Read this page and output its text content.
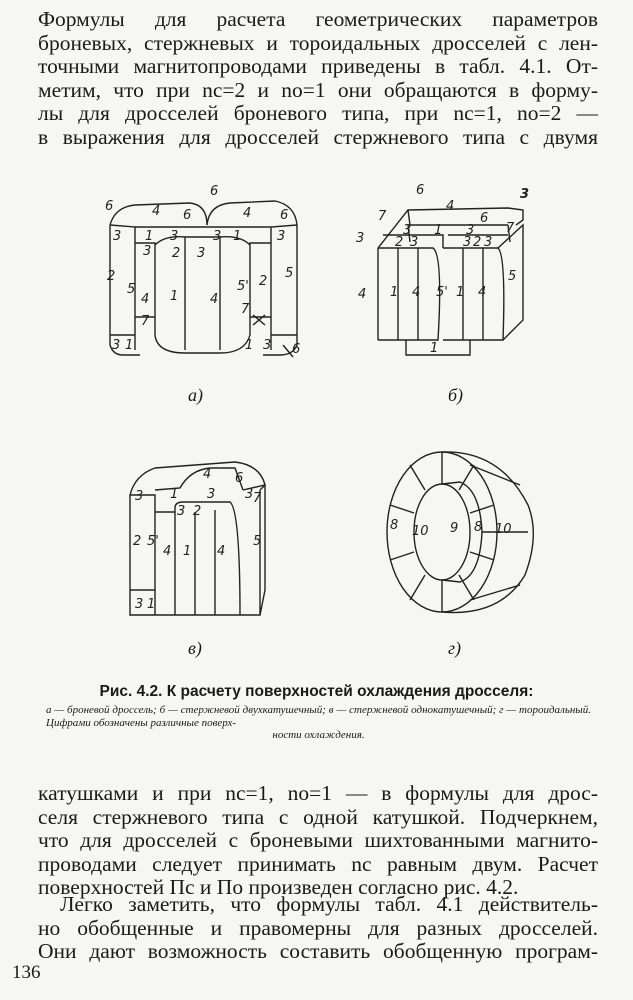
Формулы для расчета геометрических параметров
броневых, стержневых и тороидальных дросселей с лен-
точными магнитопроводами приведены в табл. 4.1. От-
метим, что при nc=2 и no=1 они обращаются в форму-
лы для дросселей броневого типа, при nc=1, no=2 —
в выражения для дросселей стержневого типа с двумя
6	4 6
6
4 6
3 1 3	3 1	3
3 2 3
2
5
4 1 4
5' 2
5
7
7
3 1	1 3 6
а)
6
4
3
7	6
7
3 1 3
3 2 3	3 2 3
4 1 4 5' 1 4
5
1
б)
4 6
3 1 3 3 7
2
3 2
5'
4 1 4
5
3 1
в)
8 10 9 8 10
г)
Рис. 4.2. К расчету поверхностей охлаждения дросселя:
а — броневой дроссель; б — стержневой двухкатушечный; в — стержневой однокатушечный; г — тороидальный. Цифрами обозначены различные поверх-
ности охлаждения.
катушками и при nc=1, no=1 — в формулы для дрос-
селя стержневого типа с одной катушкой. Подчеркнем,
что для дросселей с броневыми шихтованными магнито-
проводами следует принимать nc равным двум. Расчет
поверхностей Пс и По произведен согласно рис. 4.2.
Легко заметить, что формулы табл. 4.1 действитель-
но обобщенные и правомерны для разных дросселей.
Они дают возможность составить обобщенную програм-
136
